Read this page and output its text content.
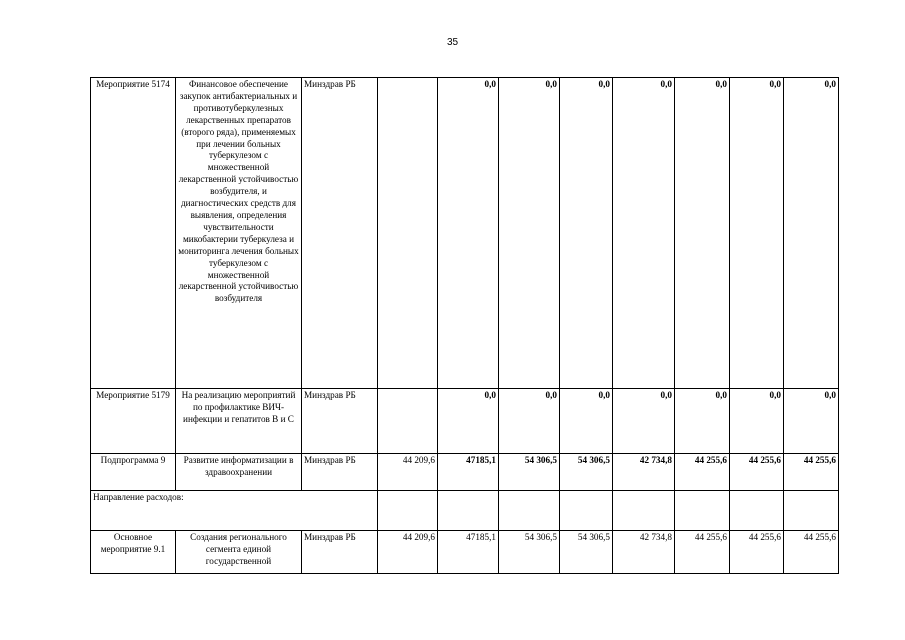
35
Мероприятие 5174	Финансовое обеспечение закупок антибактериальных и противотуберкулезных лекарственных препаратов (второго ряда), применяемых при лечении больных туберкулезом с множественной лекарственной устойчивостью возбудителя, и диагностических средств для выявления, определения чувствительности микобактерии туберкулеза и мониторинга лечения больных туберкулезом с множественной лекарственной устойчивостью возбудителя	Минздрав РБ		0,0	0,0	0,0	0,0	0,0	0,0	0,0
Мероприятие 5179	На реализацию мероприятий по профилактике ВИЧ-инфекции и гепатитов В и С	Минздрав РБ		0,0	0,0	0,0	0,0	0,0	0,0	0,0
Подпрограмма 9	Развитие информатизации в здравоохранении	Минздрав РБ	44 209,6	47185,1	54 306,5	54 306,5	42 734,8	44 255,6	44 255,6	44 255,6
Направление расходов:										
Основное мероприятие 9.1	Создания регионального сегмента единой государственной	Минздрав РБ	44 209,6	47185,1	54 306,5	54 306,5	42 734,8	44 255,6	44 255,6	44 255,6
